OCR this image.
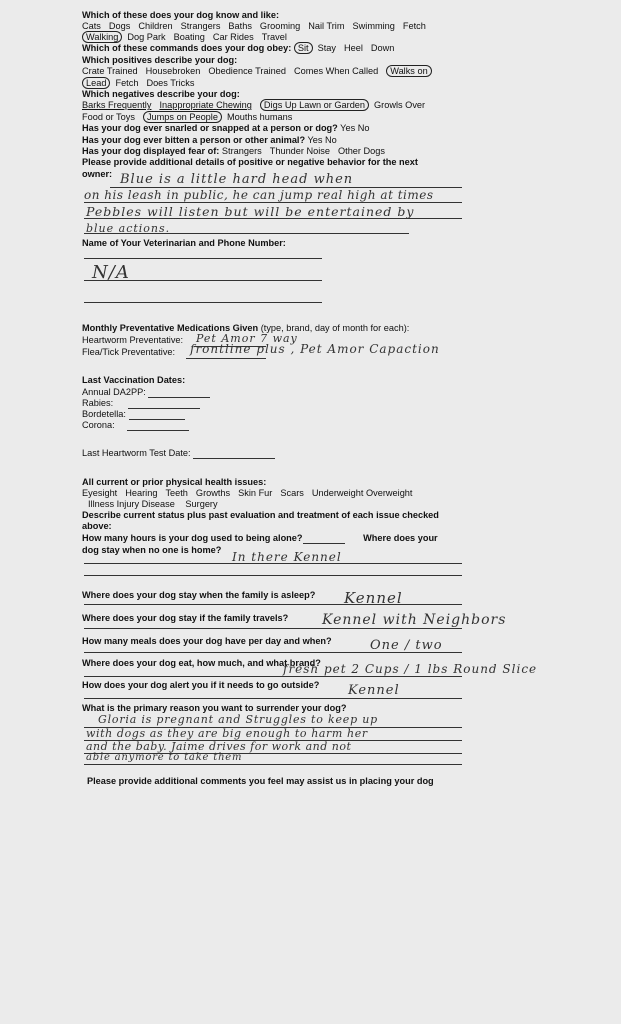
Which of these does your dog know and like:
Cats Dogs Children Strangers Baths Grooming Nail Trim Swimming Fetch
Walking Dog Park Boating Car Rides Travel
Which of these commands does your dog obey: Sit Stay Heel Down
Which positives describe your dog:
Crate Trained Housebroken Obedience Trained Comes When Called Walks on
Lead Fetch Does Tricks
Which negatives describe your dog:
Barks Frequently Inappropriate Chewing Digs Up Lawn or Garden Growls Over
Food or Toys Jumps on People Mouths humans
Has your dog ever snarled or snapped at a person or dog? Yes No
Has your dog ever bitten a person or other animal? Yes No
Has your dog displayed fear of: Strangers Thunder Noise Other Dogs
Please provide additional details of positive or negative behavior for the next
owner: Blue is a little hard head when
on his leash in public, he can jump real high at times
Pebbles will listen but will be entertained by
blue actions.
Name of Your Veterinarian and Phone Number:
N/A
Monthly Preventative Medications Given (type, brand, day of month for each):
Heartworm Preventative: Pet Amor 7 way
Flea/Tick Preventative: frontline plus , Pet Amor Capaction
Last Vaccination Dates:
Annual DA2PP:
Rabies:
Bordetella:
Corona:
Last Heartworm Test Date:
All current or prior physical health issues:
Eyesight Hearing Teeth Growths Skin Fur Scars Underweight Overweight
Illness Injury Disease Surgery
Describe current status plus past evaluation and treatment of each issue checked
above:
How many hours is your dog used to being alone?	Where does your
dog stay when no one is home? In there Kennel
Where does your dog stay when the family is asleep? Kennel
Where does your dog stay if the family travels? Kennel with Neighbors
How many meals does your dog have per day and when?	One / two
Where does your dog eat, how much, and what brand?
fresh pet 2 Cups / 1 lbs Round Slice
How does your dog alert you if it needs to go outside? Kennel
What is the primary reason you want to surrender your dog?
Gloria is pregnant and Struggles to keep up
with dogs as they are big enough to harm her
and the baby. Jaime drives for work and not
able anymore to take them
Please provide additional comments you feel may assist us in placing your dog
